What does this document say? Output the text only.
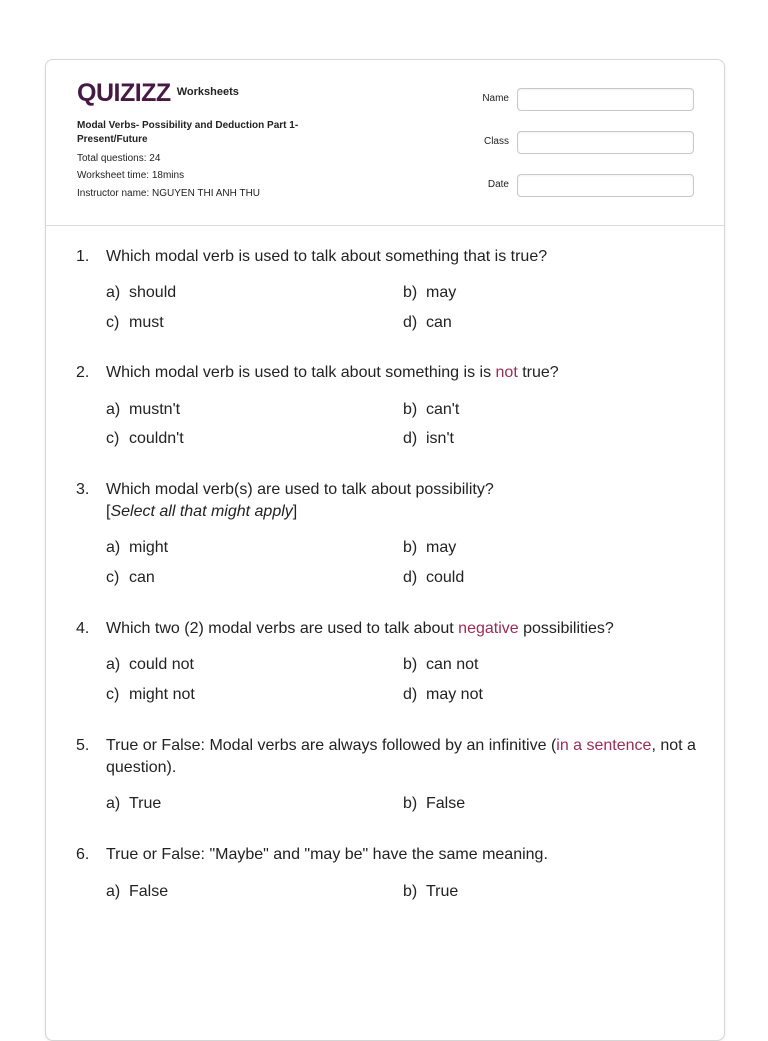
QUIZIZZ Worksheets
Modal Verbs- Possibility and Deduction Part 1-Present/Future
Total questions: 24
Worksheet time: 18mins
Instructor name: NGUYEN THI ANH THU
Name
Class
Date
1. Which modal verb is used to talk about something that is true?
a) should	b) may
c) must	d) can
2. Which modal verb is used to talk about something is is not true?
a) mustn't	b) can't
c) couldn't	d) isn't
3. Which modal verb(s) are used to talk about possibility?
[Select all that might apply]
a) might	b) may
c) can	d) could
4. Which two (2) modal verbs are used to talk about negative possibilities?
a) could not	b) can not
c) might not	d) may not
5. True or False: Modal verbs are always followed by an infinitive (in a sentence, not a question).
a) True	b) False
6. True or False: "Maybe" and "may be" have the same meaning.
a) False	b) True
